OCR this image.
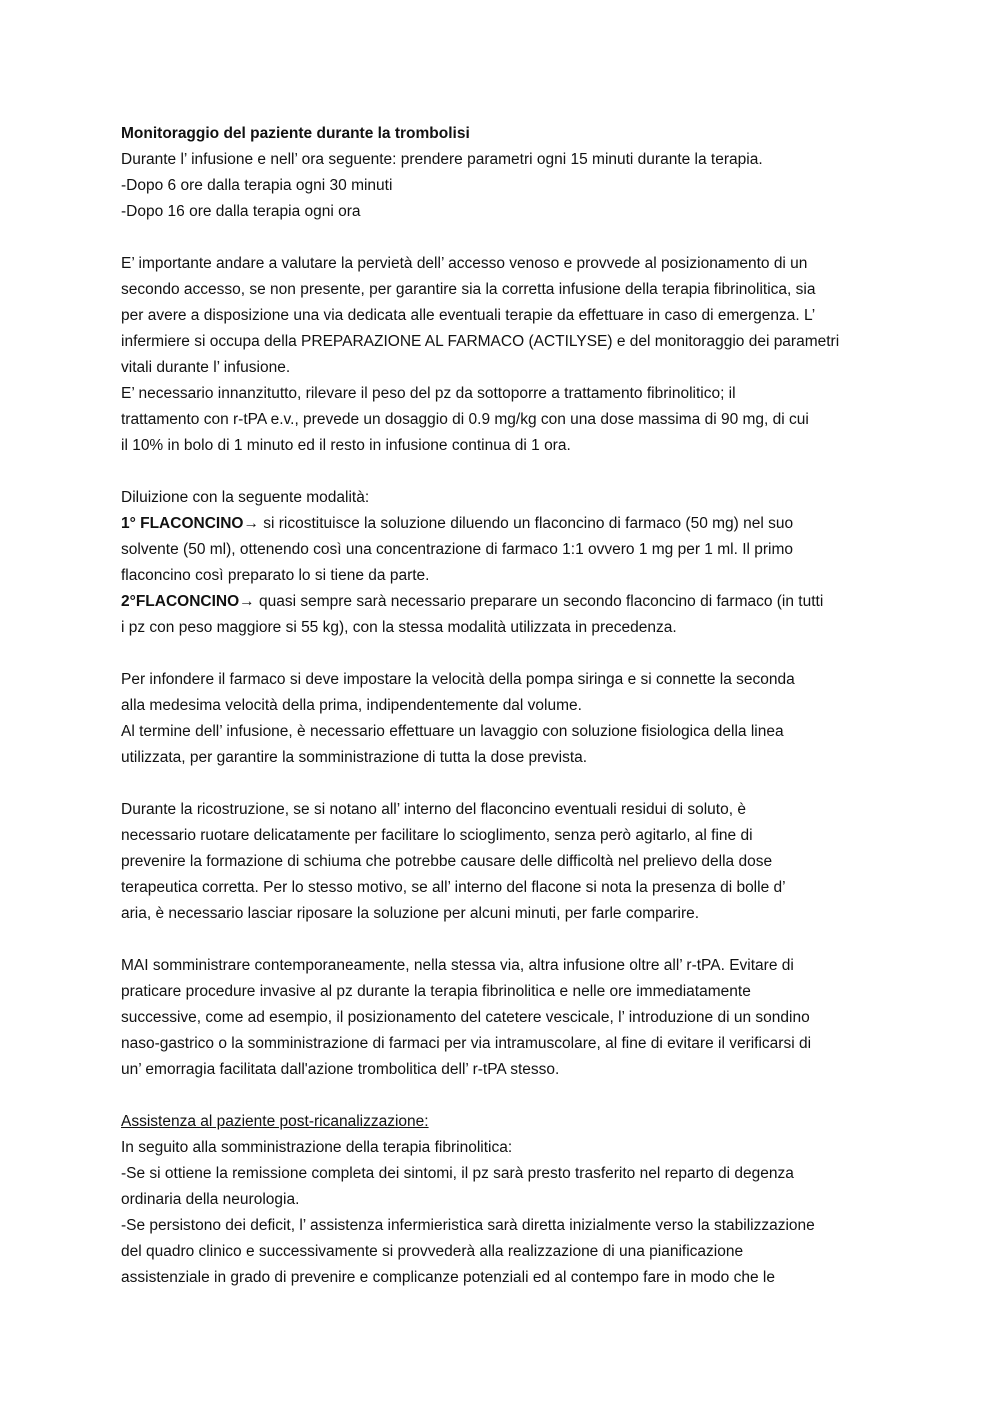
Monitoraggio del paziente durante la trombolisi

Durante l’ infusione e nell’ ora seguente: prendere parametri ogni 15 minuti durante la terapia.

-Dopo 6 ore dalla terapia ogni 30 minuti

-Dopo 16 ore dalla terapia ogni ora

E’ importante andare a valutare la pervietà dell’ accesso venoso e provvede al posizionamento di un

secondo accesso, se non presente, per garantire sia la corretta infusione della terapia fibrinolitica, sia

per avere a disposizione una via dedicata alle eventuali terapie da effettuare in caso di emergenza. L’

infermiere si occupa della PREPARAZIONE AL FARMACO (ACTILYSE) e del monitoraggio dei parametri

vitali durante l’ infusione.

E’ necessario innanzitutto, rilevare il peso del pz da sottoporre a trattamento fibrinolitico; il

trattamento con r-tPA e.v., prevede un dosaggio di 0.9 mg/kg con una dose massima di 90 mg, di cui

il 10% in bolo di 1 minuto ed il resto in infusione continua di 1 ora.

Diluizione con la seguente modalità:

1° FLACONCINO→ si ricostituisce la soluzione diluendo un flaconcino di farmaco (50 mg) nel suo

solvente (50 ml), ottenendo così una concentrazione di farmaco 1:1 ovvero 1 mg per 1 ml. Il primo

flaconcino così preparato lo si tiene da parte.

2°FLACONCINO→ quasi sempre sarà necessario preparare un secondo flaconcino di farmaco (in tutti

i pz con peso maggiore si 55 kg), con la stessa modalità utilizzata in precedenza.

Per infondere il farmaco si deve impostare la velocità della pompa siringa e si connette la seconda

alla medesima velocità della prima, indipendentemente dal volume.

Al termine dell’ infusione, è necessario effettuare un lavaggio con soluzione fisiologica della linea

utilizzata, per garantire la somministrazione di tutta la dose prevista.

Durante la ricostruzione, se si notano all’ interno del flaconcino eventuali residui di soluto, è

necessario ruotare delicatamente per facilitare lo scioglimento, senza però agitarlo, al fine di

prevenire la formazione di schiuma che potrebbe causare delle difficoltà nel prelievo della dose

terapeutica corretta. Per lo stesso motivo, se all’ interno del flacone si nota la presenza di bolle d’

aria, è necessario lasciar riposare la soluzione per alcuni minuti, per farle comparire.

MAI somministrare contemporaneamente, nella stessa via, altra infusione oltre all’ r-tPA. Evitare di

praticare procedure invasive al pz durante la terapia fibrinolitica e nelle ore immediatamente

successive, come ad esempio, il posizionamento del catetere vescicale, l’ introduzione di un sondino

naso-gastrico o la somministrazione di farmaci per via intramuscolare, al fine di evitare il verificarsi di

un’ emorragia facilitata dall'azione trombolitica dell’ r-tPA stesso.

Assistenza al paziente post-ricanalizzazione:

In seguito alla somministrazione della terapia fibrinolitica:

-Se si ottiene la remissione completa dei sintomi, il pz sarà presto trasferito nel reparto di degenza

ordinaria della neurologia.

-Se persistono dei deficit, l’ assistenza infermieristica sarà diretta inizialmente verso la stabilizzazione

del quadro clinico e successivamente si provvederà alla realizzazione di una pianificazione

assistenziale in grado di prevenire e complicanze potenziali ed al contempo fare in modo che le
